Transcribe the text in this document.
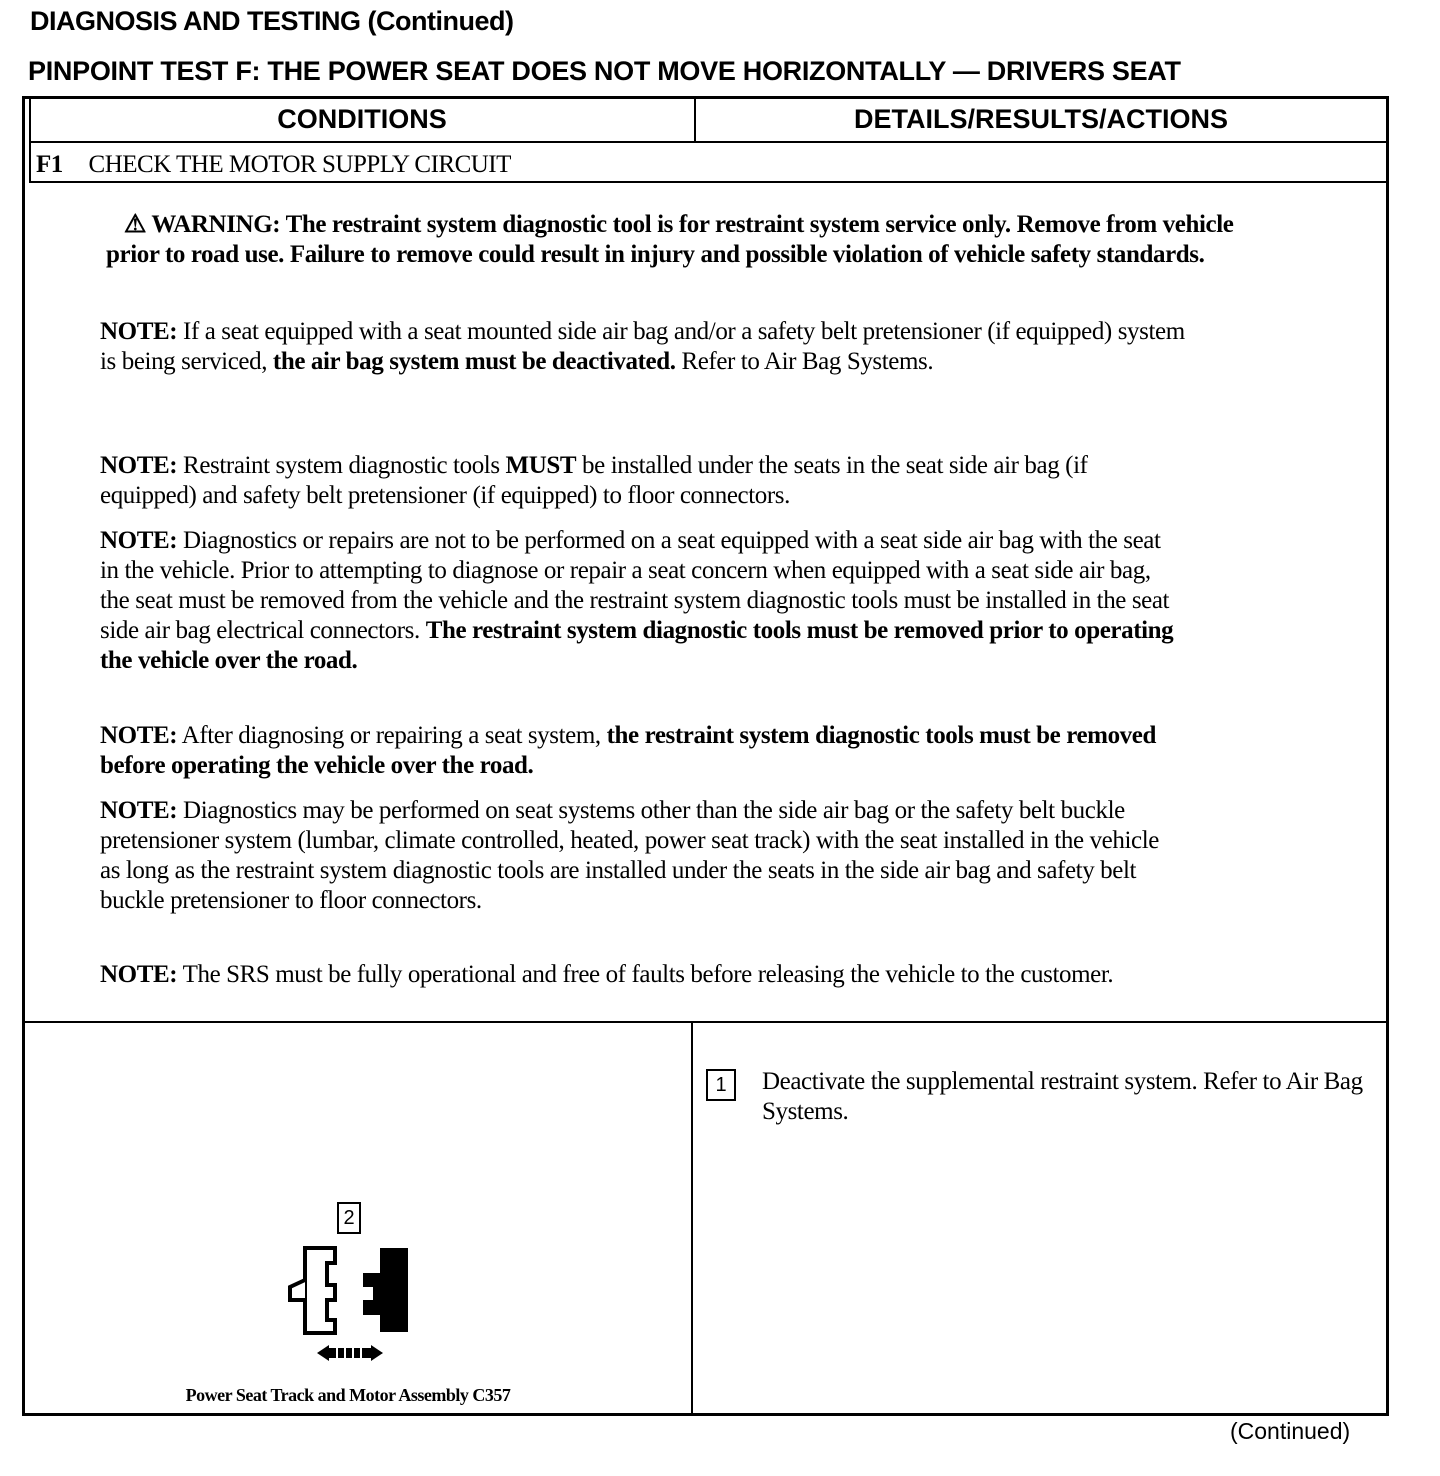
DIAGNOSIS AND TESTING (Continued)
PINPOINT TEST F: THE POWER SEAT DOES NOT MOVE HORIZONTALLY — DRIVERS SEAT
CONDITIONS	DETAILS/RESULTS/ACTIONS
F1 CHECK THE MOTOR SUPPLY CIRCUIT
⚠ WARNING: The restraint system diagnostic tool is for restraint system service only. Remove from vehicle prior to road use. Failure to remove could result in injury and possible violation of vehicle safety standards.
NOTE: If a seat equipped with a seat mounted side air bag and/or a safety belt pretensioner (if equipped) system is being serviced, the air bag system must be deactivated. Refer to Air Bag Systems.
NOTE: Restraint system diagnostic tools MUST be installed under the seats in the seat side air bag (if equipped) and safety belt pretensioner (if equipped) to floor connectors.
NOTE: Diagnostics or repairs are not to be performed on a seat equipped with a seat side air bag with the seat in the vehicle. Prior to attempting to diagnose or repair a seat concern when equipped with a seat side air bag, the seat must be removed from the vehicle and the restraint system diagnostic tools must be installed in the seat side air bag electrical connectors. The restraint system diagnostic tools must be removed prior to operating the vehicle over the road.
NOTE: After diagnosing or repairing a seat system, the restraint system diagnostic tools must be removed before operating the vehicle over the road.
NOTE: Diagnostics may be performed on seat systems other than the side air bag or the safety belt buckle pretensioner system (lumbar, climate controlled, heated, power seat track) with the seat installed in the vehicle as long as the restraint system diagnostic tools are installed under the seats in the side air bag and safety belt buckle pretensioner to floor connectors.
NOTE: The SRS must be fully operational and free of faults before releasing the vehicle to the customer.
2
Power Seat Track and Motor Assembly C357
1	Deactivate the supplemental restraint system. Refer to Air Bag Systems.
(Continued)
